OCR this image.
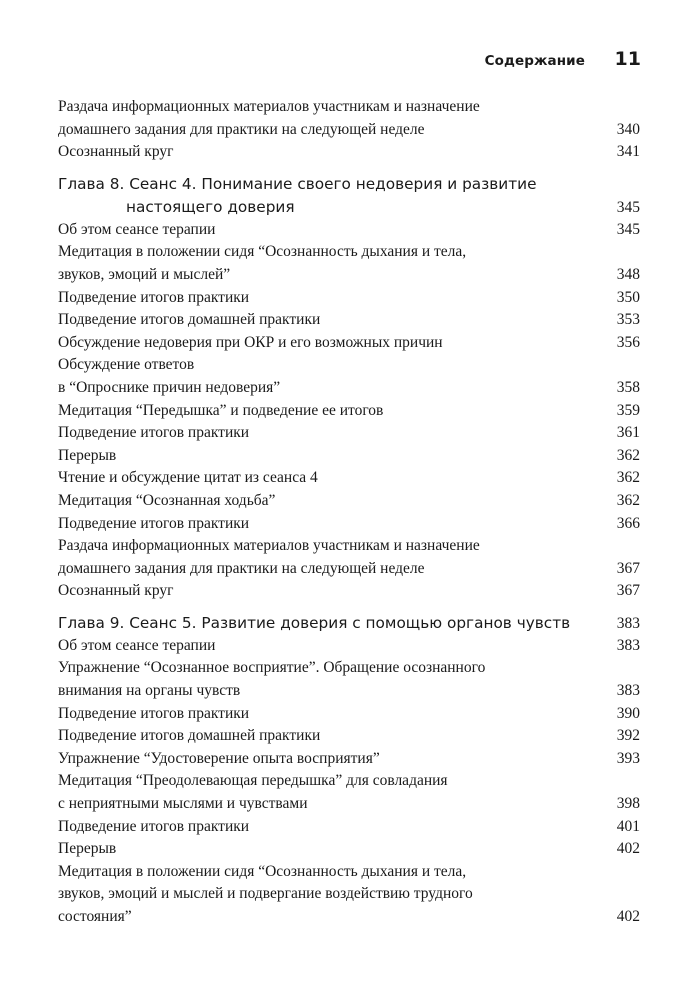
Содержание 11
Раздача информационных материалов участникам и назначение
домашнего задания для практики на следующей неделе	340
Осознанный круг	341
Глава 8. Сеанс 4. Понимание своего недоверия и развитие
настоящего доверия	345
Об этом сеансе терапии	345
Медитация в положении сидя “Осознанность дыхания и тела,
звуков, эмоций и мыслей”	348
Подведение итогов практики	350
Подведение итогов домашней практики	353
Обсуждение недоверия при ОКР и его возможных причин	356
Обсуждение ответов
в “Опроснике причин недоверия”	358
Медитация “Передышка” и подведение ее итогов	359
Подведение итогов практики	361
Перерыв	362
Чтение и обсуждение цитат из сеанса 4	362
Медитация “Осознанная ходьба”	362
Подведение итогов практики	366
Раздача информационных материалов участникам и назначение
домашнего задания для практики на следующей неделе	367
Осознанный круг	367
Глава 9. Сеанс 5. Развитие доверия с помощью органов чувств	383
Об этом сеансе терапии	383
Упражнение “Осознанное восприятие”. Обращение осознанного
внимания на органы чувств	383
Подведение итогов практики	390
Подведение итогов домашней практики	392
Упражнение “Удостоверение опыта восприятия”	393
Медитация “Преодолевающая передышка” для совладания
с неприятными мыслями и чувствами	398
Подведение итогов практики	401
Перерыв	402
Медитация в положении сидя “Осознанность дыхания и тела,
звуков, эмоций и мыслей и подвергание воздействию трудного
состояния”	402
